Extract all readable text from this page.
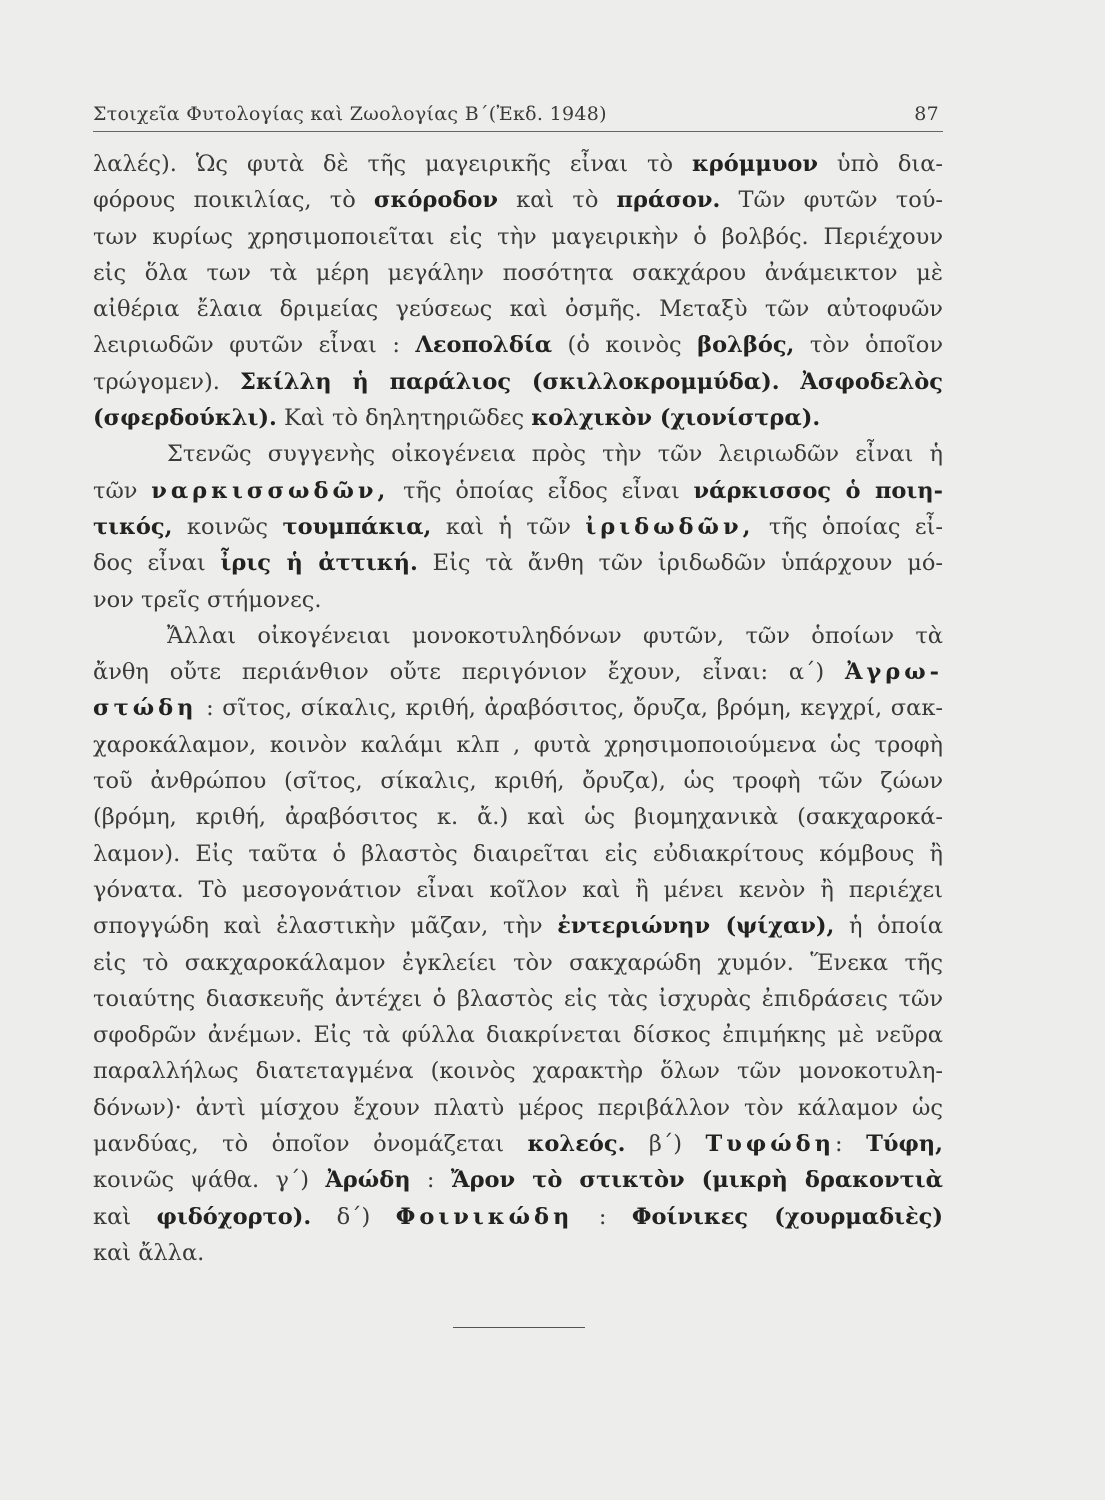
Στοιχεῖα Φυτολογίας καὶ Ζωολογίας Β΄(Ἐκδ. 1948)	87
λαλές). Ὡς φυτὰ δὲ τῆς μαγειρικῆς εἶναι τὸ κρόμμυον ὑπὸ δια-
φόρους ποικιλίας, τὸ σκόροδον καὶ τὸ πράσον. Τῶν φυτῶν τού-
των κυρίως χρησιμοποιεῖται εἰς τὴν μαγειρικὴν ὁ βολβός. Περιέχουν
εἰς ὅλα των τὰ μέρη μεγάλην ποσότητα σακχάρου ἀνάμεικτον μὲ
αἰθέρια ἔλαια δριμείας γεύσεως καὶ ὀσμῆς. Μεταξὺ τῶν αὐτοφυῶν
λειριωδῶν φυτῶν εἶναι : Λεοπολδία (ὁ κοινὸς βολβός, τὸν ὁποῖον
τρώγομεν). Σκίλλη ἡ παράλιος (σκιλλοκρομμύδα). Ἀσφοδελὸς
(σφερδούκλι). Καὶ τὸ δηλητηριῶδες κολχικὸν (χιονίστρα).
Στενῶς συγγενὴς οἰκογένεια πρὸς τὴν τῶν λειριωδῶν εἶναι ἡ
τῶν ναρκισσωδῶν, τῆς ὁποίας εἶδος εἶναι νάρκισσος ὁ ποιη-
τικός, κοινῶς τουμπάκια, καὶ ἡ τῶν ἰριδωδῶν, τῆς ὁποίας εἶ-
δος εἶναι ἶρις ἡ ἀττική. Εἰς τὰ ἄνθη τῶν ἰριδωδῶν ὑπάρχουν μό-
νον τρεῖς στήμονες.
Ἄλλαι οἰκογένειαι μονοκοτυληδόνων φυτῶν, τῶν ὁποίων τὰ
ἄνθη οὔτε περιάνθιον οὔτε περιγόνιον ἔχουν, εἶναι: α΄) Ἀγρω-
στώδη : σῖτος, σίκαλις, κριθή, ἀραβόσιτος, ὄρυζα, βρόμη, κεγχρί, σακ-
χαροκάλαμον, κοινὸν καλάμι κλπ , φυτὰ χρησιμοποιούμενα ὡς τροφὴ
τοῦ ἀνθρώπου (σῖτος, σίκαλις, κριθή, ὄρυζα), ὡς τροφὴ τῶν ζώων
(βρόμη, κριθή, ἀραβόσιτος κ. ἄ.) καὶ ὡς βιομηχανικὰ (σακχαροκά-
λαμον). Εἰς ταῦτα ὁ βλαστὸς διαιρεῖται εἰς εὐδιακρίτους κόμβους ἢ
γόνατα. Τὸ μεσογονάτιον εἶναι κοῖλον καὶ ἢ μένει κενὸν ἢ περιέχει
σπογγώδη καὶ ἐλαστικὴν μᾶζαν, τὴν ἐντεριώνην (ψίχαν), ἡ ὁποία
εἰς τὸ σακχαροκάλαμον ἐγκλείει τὸν σακχαρώδη χυμόν. Ἕνεκα τῆς
τοιαύτης διασκευῆς ἀντέχει ὁ βλαστὸς εἰς τὰς ἰσχυρὰς ἐπιδράσεις τῶν
σφοδρῶν ἀνέμων. Εἰς τὰ φύλλα διακρίνεται δίσκος ἐπιμήκης μὲ νεῦρα
παραλλήλως διατεταγμένα (κοινὸς χαρακτὴρ ὅλων τῶν μονοκοτυλη-
δόνων)· ἀντὶ μίσχου ἔχουν πλατὺ μέρος περιβάλλον τὸν κάλαμον ὡς
μανδύας, τὸ ὁποῖον ὀνομάζεται κολεός. β΄) Τυφώδη: Τύφη,
κοινῶς ψάθα. γ΄) Ἀρώδη : Ἄρον τὸ στικτὸν (μικρὴ δρακοντιὰ
καὶ φιδόχορτο). δ΄) Φοινικώδη : Φοίνικες (χουρμαδιὲς)
καὶ ἄλλα.
